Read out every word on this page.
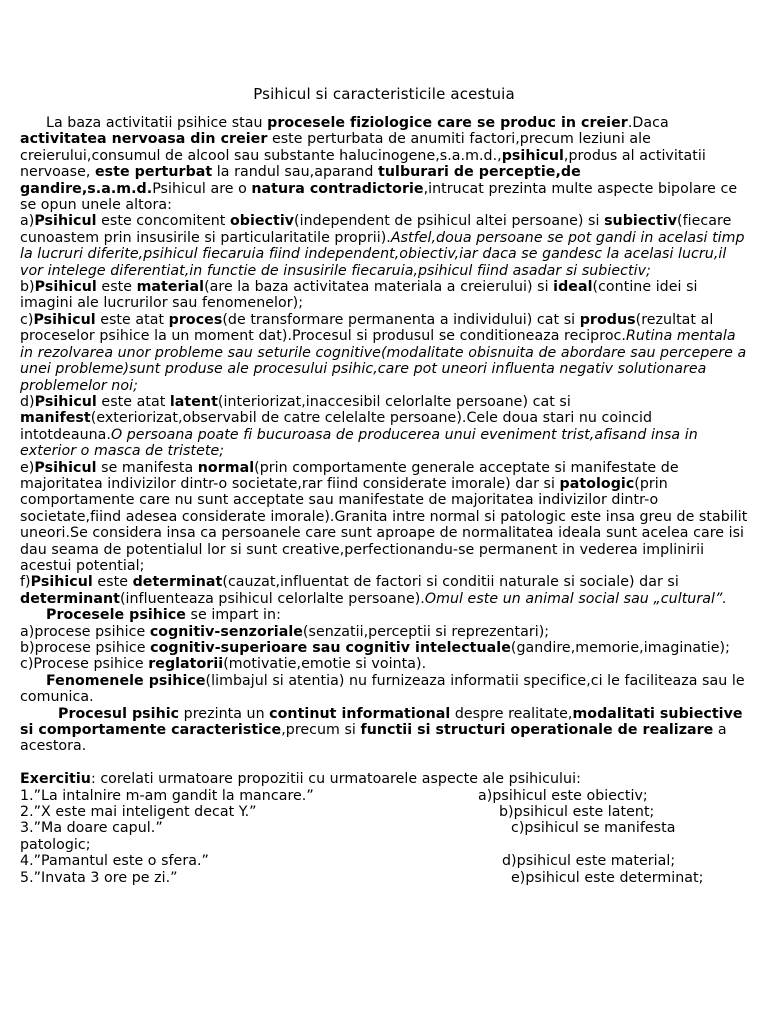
Psihicul si caracteristicile acestuia

La baza activitatii psihice stau procesele fiziologice care se produc in creier.Daca activitatea nervoasa din creier este perturbata de anumiti factori,precum leziuni ale creierului,consumul de alcool sau substante halucinogene,s.a.m.d.,psihicul,produs al activitatii nervoase, este perturbat la randul sau,aparand tulburari de perceptie,de gandire,s.a.m.d.Psihicul are o natura contradictorie,intrucat prezinta multe aspecte bipolare ce se opun unele altora:

a)Psihicul este concomitent obiectiv(independent de psihicul altei persoane) si subiectiv(fiecare cunoastem prin insusirile si particularitatile proprii).Astfel,doua persoane se pot gandi in acelasi timp la lucruri diferite,psihicul fiecaruia fiind independent,obiectiv,iar daca se gandesc la acelasi lucru,il vor intelege diferentiat,in functie de insusirile fiecaruia,psihicul fiind asadar si subiectiv;

b)Psihicul este material(are la baza activitatea materiala a creierului) si ideal(contine idei si imagini ale lucrurilor sau fenomenelor);

c)Psihicul este atat proces(de transformare permanenta a individului) cat si produs(rezultat al proceselor psihice la un moment dat).Procesul si produsul se conditioneaza reciproc.Rutina mentala in rezolvarea unor probleme sau seturile cognitive(modalitate obisnuita de abordare sau percepere a unei probleme)sunt produse ale procesului psihic,care pot uneori influenta negativ solutionarea problemelor noi;

d)Psihicul este atat latent(interiorizat,inaccesibil celorlalte persoane) cat si manifest(exteriorizat,observabil de catre celelalte persoane).Cele doua stari nu coincid intotdeauna.O persoana poate fi bucuroasa de producerea unui eveniment trist,afisand insa in exterior o masca de tristete;

e)Psihicul se manifesta normal(prin comportamente generale acceptate si manifestate de majoritatea indivizilor dintr-o societate,rar fiind considerate imorale) dar si patologic(prin comportamente care nu sunt acceptate sau manifestate de majoritatea indivizilor dintr-o societate,fiind adesea considerate imorale).Granita intre normal si patologic este insa greu de stabilit uneori.Se considera insa ca persoanele care sunt aproape de normalitatea ideala sunt acelea care isi dau seama de potentialul lor si sunt creative,perfectionandu-se permanent in vederea implinirii acestui potential;

f)Psihicul este determinat(cauzat,influentat de factori si conditii naturale si sociale) dar si determinant(influenteaza psihicul celorlalte persoane).Omul este un animal social sau „cultural”.

Procesele psihice se impart in:

a)procese psihice cognitiv-senzoriale(senzatii,perceptii si reprezentari);

b)procese psihice cognitiv-superioare sau cognitiv intelectuale(gandire,memorie,imaginatie);

c)Procese psihice reglatorii(motivatie,emotie si vointa).

Fenomenele psihice(limbajul si atentia) nu furnizeaza informatii specifice,ci le faciliteaza sau le comunica.

Procesul psihic prezinta un continut informational despre realitate,modalitati subiective si comportamente caracteristice,precum si functii si structuri operationale de realizare a acestora.

Exercitiu: corelati urmatoare propozitii cu urmatoarele aspecte ale psihicului:

1.”La intalnire m-am gandit la mancare.”	a)psihicul este obiectiv;
2.”X este mai inteligent decat Y.”	b)psihicul este latent;
3.”Ma doare capul.”	c)psihicul se manifesta
patologic;
4.”Pamantul este o sfera.”	d)psihicul este material;
5.”Invata 3 ore pe zi.”	e)psihicul este determinat;
